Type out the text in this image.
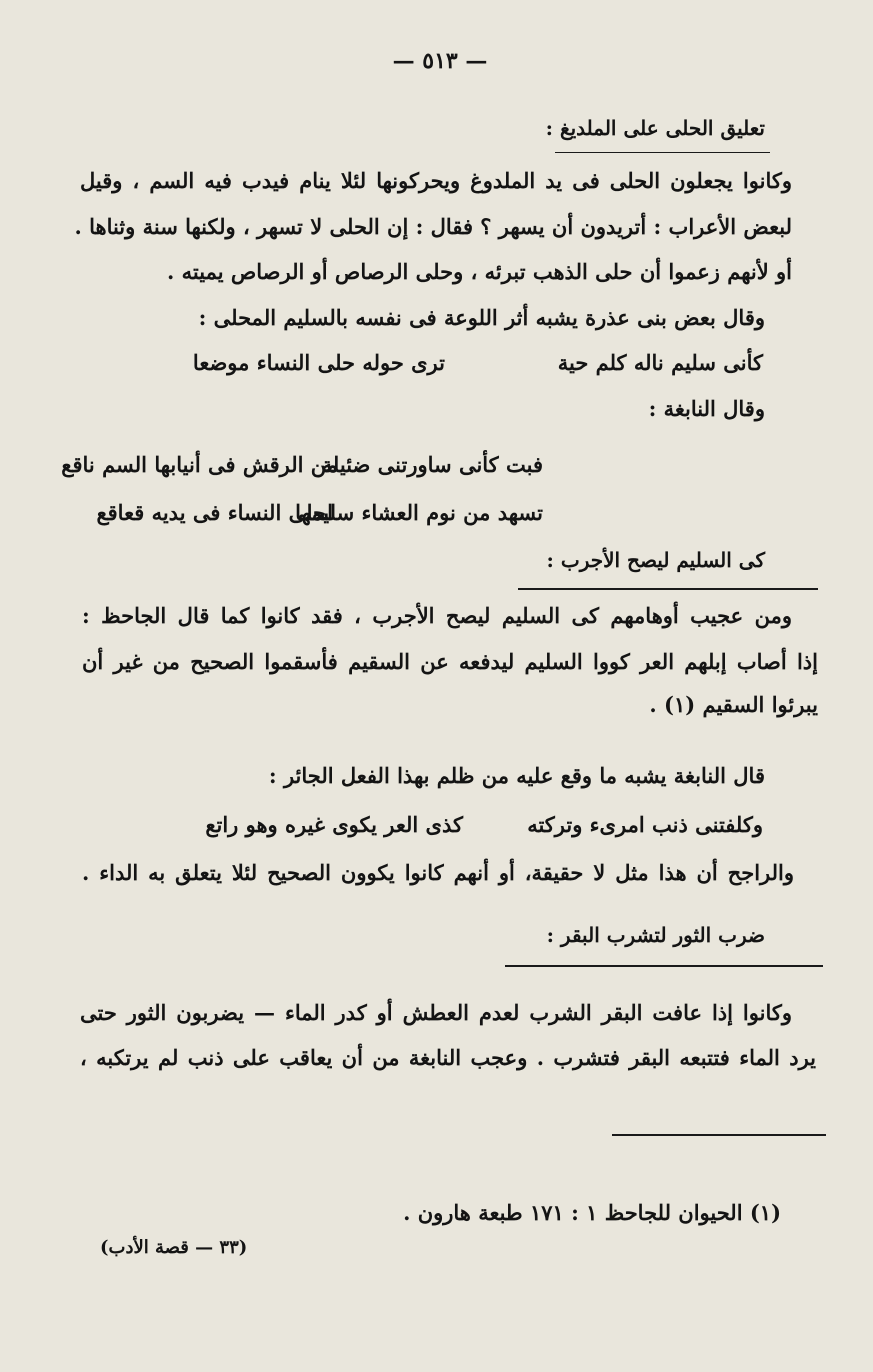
— ٥١٣ —
تعليق الحلى على الملديغ :
وكانوا يجعلون الحلى فى يد الملدوغ ويحركونها لئلا ينام فيدب فيه السم ، وقيل
لبعض الأعراب : أتريدون أن يسهر ؟ فقال : إن الحلى لا تسهر ، ولكنها سنة وثناها .
أو لأنهم زعموا أن حلى الذهب تبرئه ، وحلى الرصاص أو الرصاص يميته .
وقال بعض بنى عذرة يشبه أثر اللوعة فى نفسه بالسليم المحلى :
كأنى سليم ناله كلم حية
ترى حوله حلى النساء موضعا
وقال النابغة :
فبت كأنى ساورتنى ضئيلة
من الرقش فى أنيابها السم ناقع
تسهد من نوم العشاء سليمها
لحلى النساء فى يديه قعاقع
كى السليم ليصح الأجرب :
ومن عجيب أوهامهم كى السليم ليصح الأجرب ، فقد كانوا كما قال الجاحظ :
إذا أصاب إبلهم العر كووا السليم ليدفعه عن السقيم فأسقموا الصحيح من غير أن
يبرئوا السقيم (١) .
قال النابغة يشبه ما وقع عليه من ظلم بهذا الفعل الجائر :
وكلفتنى ذنب امرىء وتركته
كذى العر يكوى غيره وهو راتع
والراجح أن هذا مثل لا حقيقة، أو أنهم كانوا يكوون الصحيح لئلا يتعلق به الداء .
ضرب الثور لتشرب البقر :
وكانوا إذا عافت البقر الشرب لعدم العطش أو كدر الماء — يضربون الثور حتى
يرد الماء فتتبعه البقر فتشرب . وعجب النابغة من أن يعاقب على ذنب لم يرتكبه ،
(١) الحيوان للجاحظ ١ : ١٧١ طبعة هارون .
(٣٣ — قصة الأدب)
